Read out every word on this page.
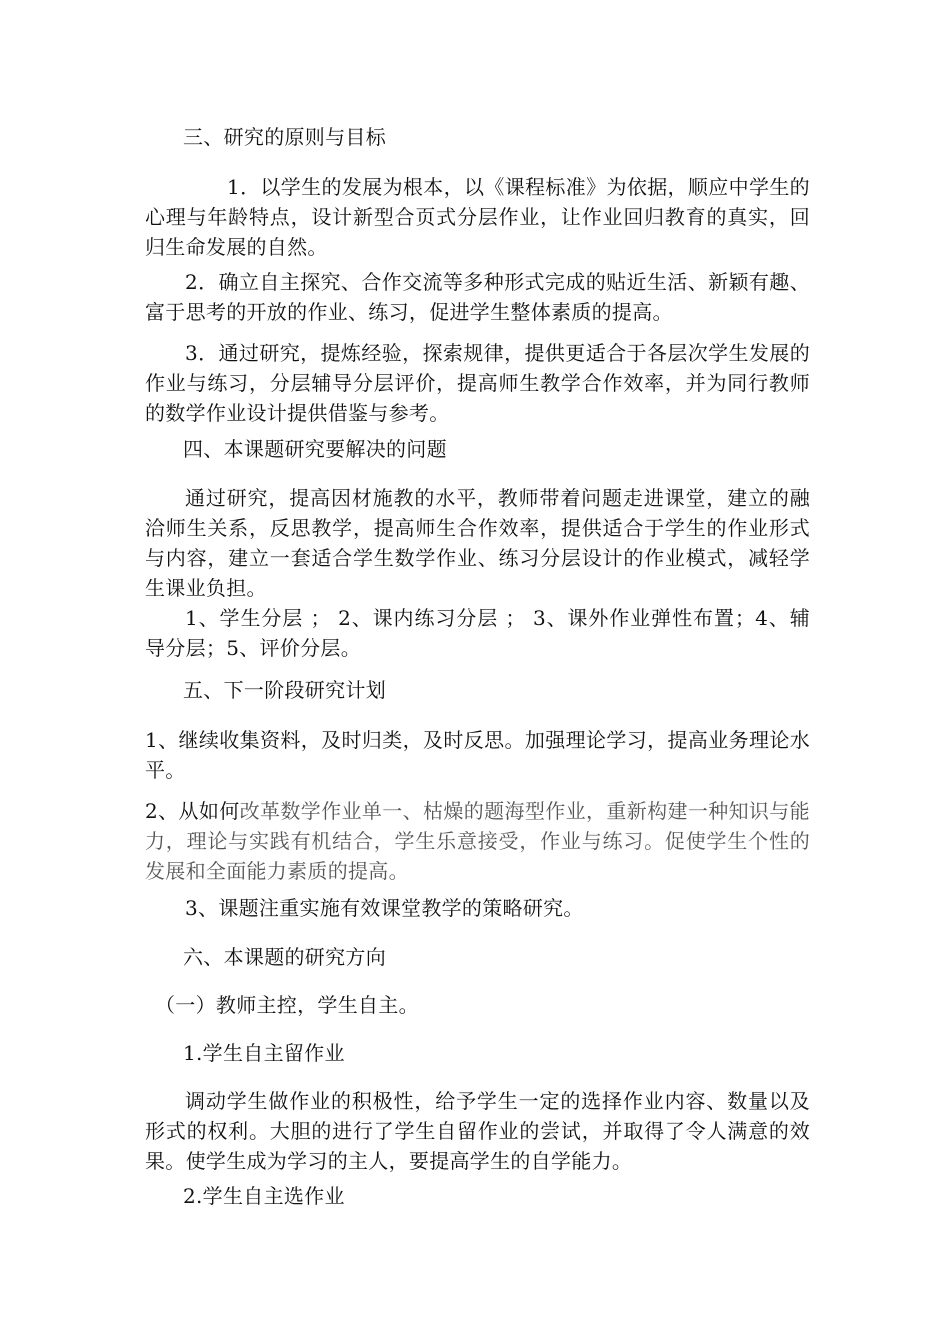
三、研究的原则与目标

1．以学生的发展为根本，以《课程标准》为依据，顺应中学生的心理与年龄特点，设计新型合页式分层作业，让作业回归教育的真实，回归生命发展的自然。

2．确立自主探究、合作交流等多种形式完成的贴近生活、新颖有趣、富于思考的开放的作业、练习，促进学生整体素质的提高。

3．通过研究，提炼经验，探索规律，提供更适合于各层次学生发展的作业与练习，分层辅导分层评价，提高师生教学合作效率，并为同行教师的数学作业设计提供借鉴与参考。

四、本课题研究要解决的问题

通过研究，提高因材施教的水平，教师带着问题走进课堂，建立的融洽师生关系，反思教学，提高师生合作效率，提供适合于学生的作业形式与内容，建立一套适合学生数学作业、练习分层设计的作业模式，减轻学生课业负担。

1、学生分层 ； 2、课内练习分层 ； 3、课外作业弹性布置；4、辅导分层；5、评价分层。

五、下一阶段研究计划

1、继续收集资料，及时归类，及时反思。加强理论学习，提高业务理论水平。

2、从如何改革数学作业单一、枯燥的题海型作业，重新构建一种知识与能力，理论与实践有机结合，学生乐意接受，作业与练习。促使学生个性的发展和全面能力素质的提高。

3、课题注重实施有效课堂教学的策略研究。

六、本课题的研究方向

（一）教师主控，学生自主。

1.学生自主留作业

调动学生做作业的积极性，给予学生一定的选择作业内容、数量以及形式的权利。大胆的进行了学生自留作业的尝试，并取得了令人满意的效果。使学生成为学习的主人，要提高学生的自学能力。

2.学生自主选作业
